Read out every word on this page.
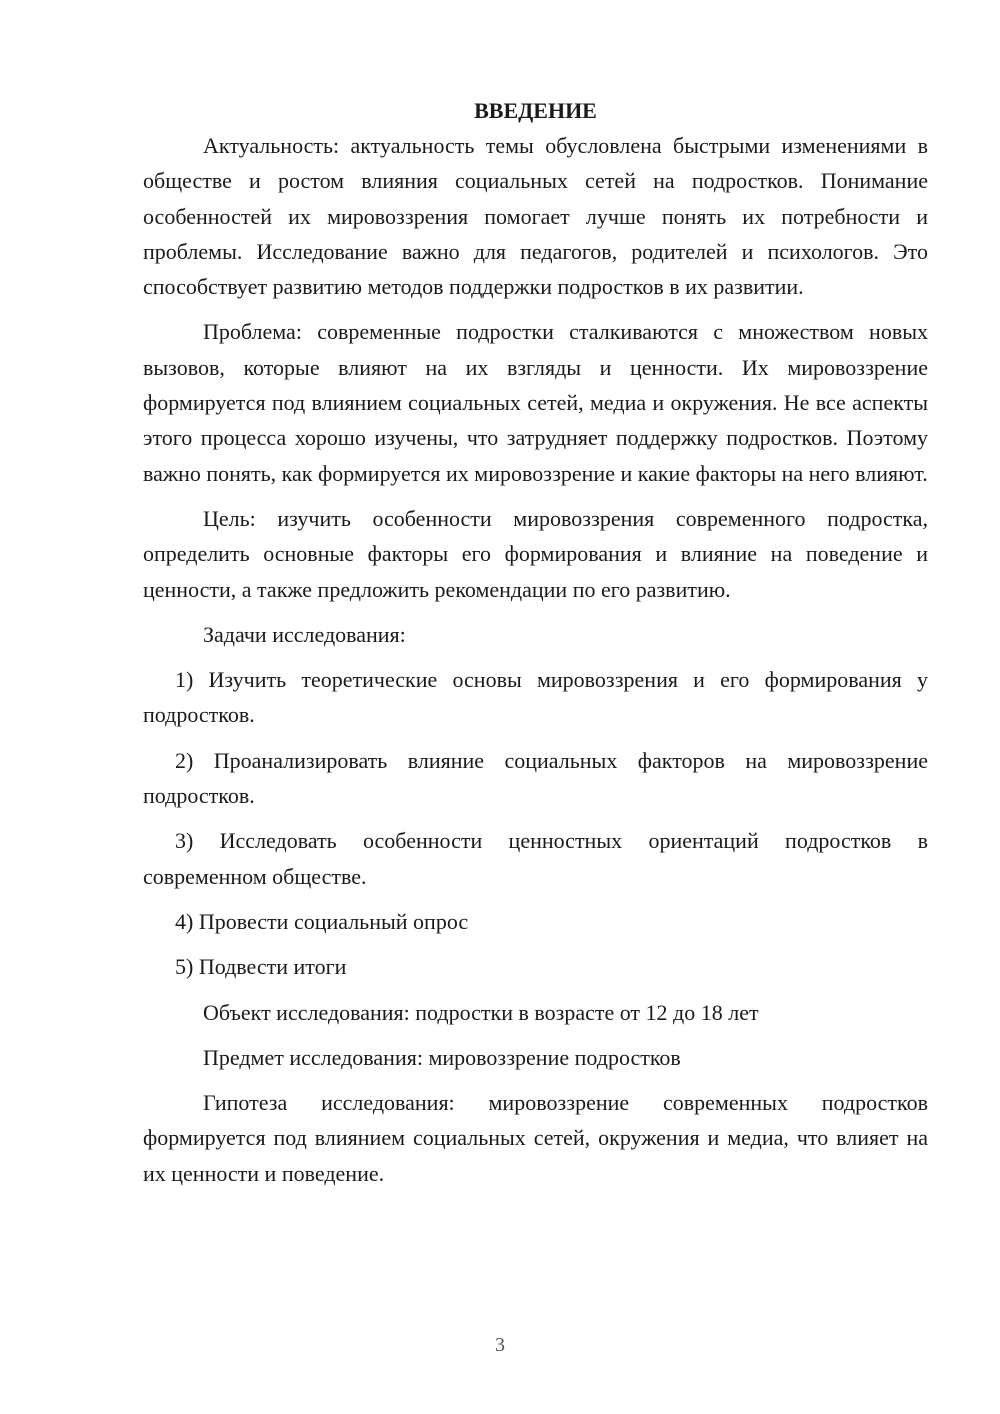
ВВЕДЕНИЕ

Актуальность: актуальность темы обусловлена быстрыми изменениями в обществе и ростом влияния социальных сетей на подростков. Понимание особенностей их мировоззрения помогает лучше понять их потребности и проблемы. Исследование важно для педагогов, родителей и психологов. Это способствует развитию методов поддержки подростков в их развитии.

Проблема: современные подростки сталкиваются с множеством новых вызовов, которые влияют на их взгляды и ценности. Их мировоззрение формируется под влиянием социальных сетей, медиа и окружения. Не все аспекты этого процесса хорошо изучены, что затрудняет поддержку подростков. Поэтому важно понять, как формируется их мировоззрение и какие факторы на него влияют.

Цель: изучить особенности мировоззрения современного подростка, определить основные факторы его формирования и влияние на поведение и ценности, а также предложить рекомендации по его развитию.

Задачи исследования:

1) Изучить теоретические основы мировоззрения и его формирования у подростков.

2) Проанализировать влияние социальных факторов на мировоззрение подростков.

3) Исследовать особенности ценностных ориентаций подростков в современном обществе.

4) Провести социальный опрос

5) Подвести итоги

Объект исследования: подростки в возрасте от 12 до 18 лет

Предмет исследования: мировоззрение подростков

Гипотеза исследования: мировоззрение современных подростков формируется под влиянием социальных сетей, окружения и медиа, что влияет на их ценности и поведение.

3
